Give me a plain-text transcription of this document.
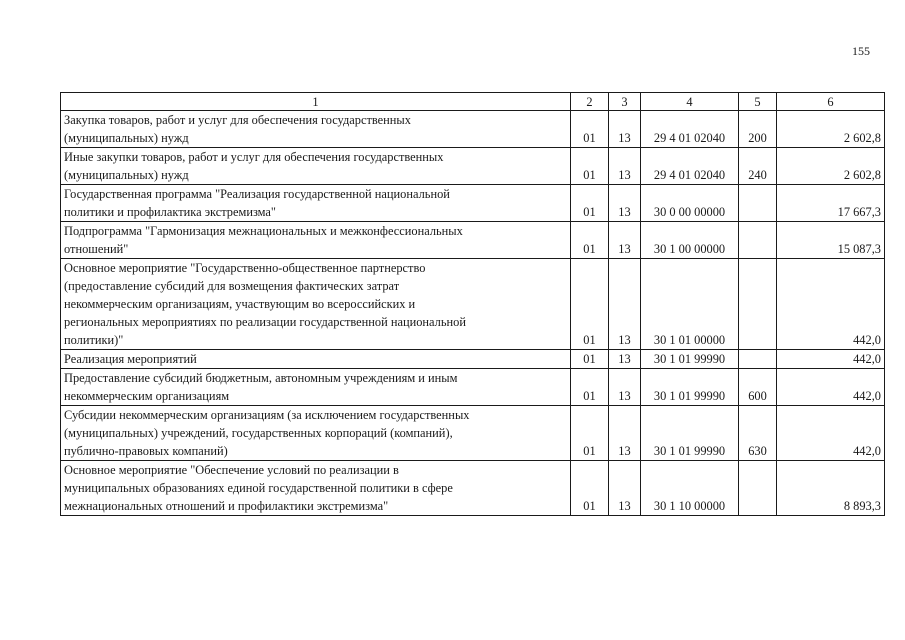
155
1	2	3	4	5	6

Закупка товаров, работ и услуг для обеспечения государственных
(муниципальных) нужд	01	13	29 4 01 02040	200	2 602,8

Иные закупки товаров, работ и услуг для обеспечения государственных
(муниципальных) нужд	01	13	29 4 01 02040	240	2 602,8

Государственная программа "Реализация государственной национальной
политики и профилактика экстремизма"	01	13	30 0 00 00000		17 667,3

Подпрограмма "Гармонизация межнациональных и межконфессиональных
отношений"	01	13	30 1 00 00000		15 087,3

Основное мероприятие "Государственно-общественное партнерство
(предоставление субсидий для возмещения фактических затрат
некоммерческим организациям, участвующим во всероссийских и
региональных мероприятиях по реализации государственной национальной
политики)"	01	13	30 1 01 00000		442,0

Реализация мероприятий	01	13	30 1 01 99990		442,0

Предоставление субсидий бюджетным, автономным учреждениям и иным
некоммерческим организациям	01	13	30 1 01 99990	600	442,0

Субсидии некоммерческим организациям (за исключением государственных
(муниципальных) учреждений, государственных корпораций (компаний),
публично-правовых компаний)	01	13	30 1 01 99990	630	442,0

Основное мероприятие "Обеспечение условий по реализации в
муниципальных образованиях единой государственной политики в сфере
межнациональных отношений и профилактики экстремизма"	01	13	30 1 10 00000		8 893,3
